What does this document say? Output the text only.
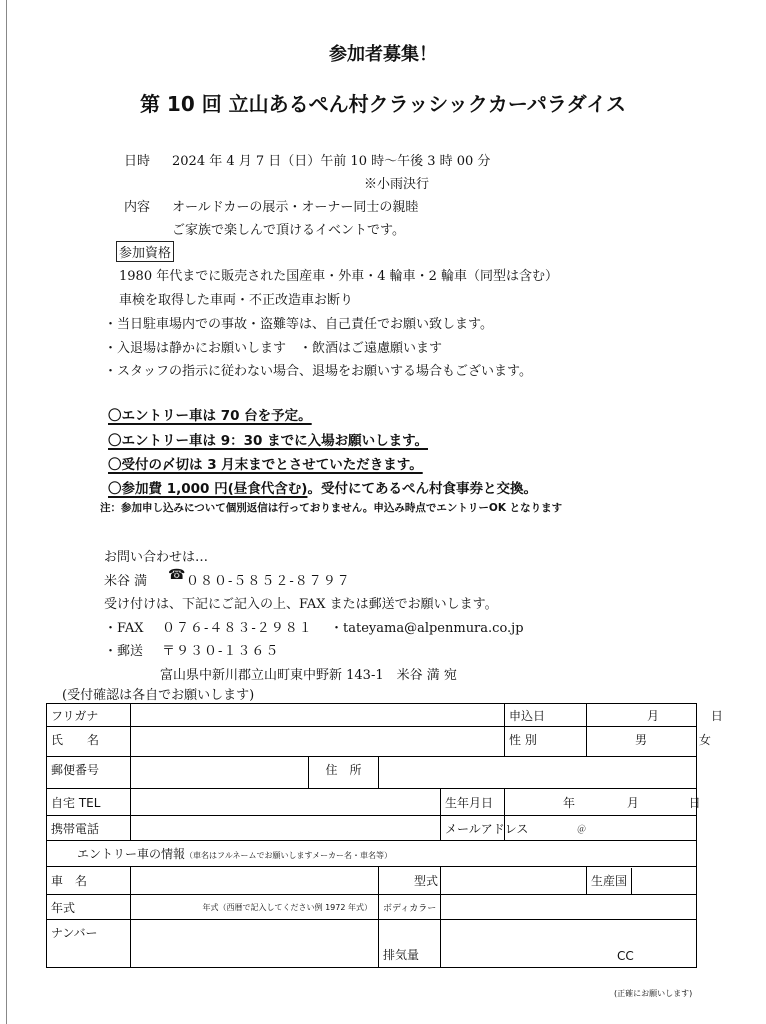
参加者募集！
第 10 回 立山あるぺん村クラッシックカーパラダイス
日時 2024 年 4 月 7 日（日）午前 10 時～午後 3 時 00 分
※小雨決行
内容 オールドカーの展示・オーナー同士の親睦
ご家族で楽しんで頂けるイベントです。
参加資格
1980 年代までに販売された国産車・外車・4 輪車・2 輪車（同型は含む）
車検を取得した車両・不正改造車お断り
・当日駐車場内での事故・盗難等は、自己責任でお願い致します。
・入退場は静かにお願いします　・飲酒はご遠慮願います
・スタッフの指示に従わない場合、退場をお願いする場合もございます。
〇エントリー車は 70 台を予定。
〇エントリー車は 9：30 までに入場お願いします。
〇受付の〆切は 3 月末までとさせていただきます。
〇参加費 1,000 円(昼食代含む)。受付にてあるぺん村食事券と交換。
注：参加申し込みについて個別返信は行っておりません。申込み時点でエントリーOK となります
お問い合わせは…
米谷 満 ☎ ０８０-５８５２-８７９７
受け付けは、下記にご記入の上、FAX または郵送でお願いします。
・FAX ０７６-４８３-２９８１ ・tateyama@alpenmura.co.jp
・郵送 〒９３０-１３６５
富山県中新川郡立山町東中野新 143-1　米谷 満 宛
(受付確認は各自でお願いします)
フリガナ					申込日	月 日
氏　　名					性 別	男 女
郵便番号		住　所				
自宅 TEL				生年月日	年 月 日	
携帯電話				メールアドレス	＠	
エントリー車の情報（車名はフルネームでお願いしますメーカー名・車名等）						
車　名			型式			生産国
年式	年式（西暦で記入してください例 1972 年式）		ボディカラー			
ナンバー			排気量	CC		
(正確にお願いします)
